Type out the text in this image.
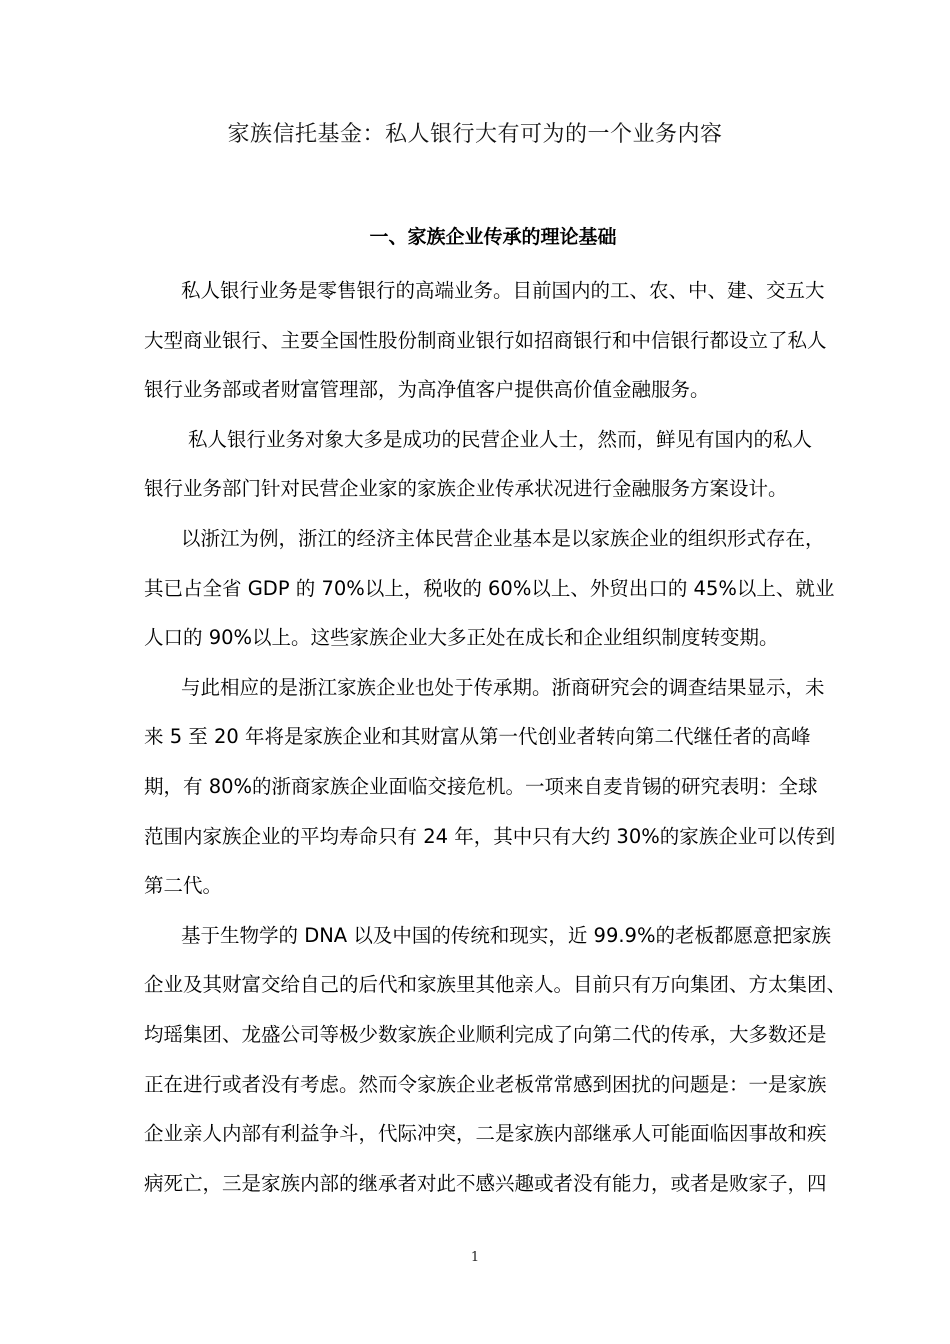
家族信托基金：私人银行大有可为的一个业务内容
一、家族企业传承的理论基础
私人银行业务是零售银行的高端业务。目前国内的工、农、中、建、交五大
大型商业银行、主要全国性股份制商业银行如招商银行和中信银行都设立了私人
银行业务部或者财富管理部，为高净值客户提供高价值金融服务。
私人银行业务对象大多是成功的民营企业人士，然而，鲜见有国内的私人
银行业务部门针对民营企业家的家族企业传承状况进行金融服务方案设计。
以浙江为例，浙江的经济主体民营企业基本是以家族企业的组织形式存在，
其已占全省 GDP 的 70%以上，税收的 60%以上、外贸出口的 45%以上、就业
人口的 90%以上。这些家族企业大多正处在成长和企业组织制度转变期。
与此相应的是浙江家族企业也处于传承期。浙商研究会的调查结果显示，未
来 5 至 20 年将是家族企业和其财富从第一代创业者转向第二代继任者的高峰
期，有 80%的浙商家族企业面临交接危机。一项来自麦肯锡的研究表明：全球
范围内家族企业的平均寿命只有 24 年，其中只有大约 30%的家族企业可以传到
第二代。
基于生物学的 DNA 以及中国的传统和现实，近 99.9%的老板都愿意把家族
企业及其财富交给自己的后代和家族里其他亲人。目前只有万向集团、方太集团、
均瑶集团、龙盛公司等极少数家族企业顺利完成了向第二代的传承，大多数还是
正在进行或者没有考虑。然而令家族企业老板常常感到困扰的问题是：一是家族
企业亲人内部有利益争斗，代际冲突，二是家族内部继承人可能面临因事故和疾
病死亡，三是家族内部的继承者对此不感兴趣或者没有能力，或者是败家子，四
1
